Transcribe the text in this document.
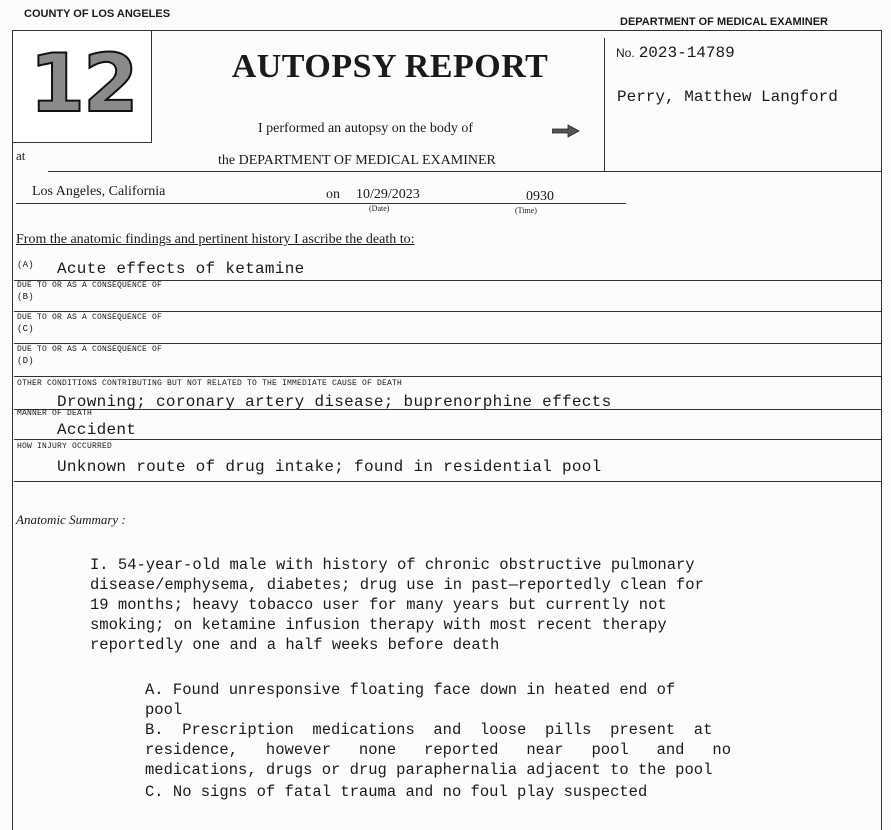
COUNTY OF LOS ANGELES
DEPARTMENT OF MEDICAL EXAMINER
No. 2023-14789
Perry, Matthew Langford
12	AUTOPSY REPORT
I performed an autopsy on the body of
at	the DEPARTMENT OF MEDICAL EXAMINER
Los Angeles, California	on 10/29/2023	0930
(Date)	(Time)
From the anatomic findings and pertinent history I ascribe the death to:
(A) Acute effects of ketamine
DUE TO OR AS A CONSEQUENCE OF
(B)
DUE TO OR AS A CONSEQUENCE OF
(C)
DUE TO OR AS A CONSEQUENCE OF
(D)
OTHER CONDITIONS CONTRIBUTING BUT NOT RELATED TO THE IMMEDIATE CAUSE OF DEATH
Drowning; coronary artery disease; buprenorphine effects
MANNER OF DEATH
Accident
HOW INJURY OCCURRED
Unknown route of drug intake; found in residential pool
Anatomic Summary :
I. 54-year-old male with history of chronic obstructive pulmonary
disease/emphysema, diabetes; drug use in past—reportedly clean for
19 months; heavy tobacco user for many years but currently not
smoking; on ketamine infusion therapy with most recent therapy
reportedly one and a half weeks before death
A. Found unresponsive floating face down in heated end of
pool
B.  Prescription  medications  and  loose  pills  present  at
residence,   however   none   reported   near   pool   and   no
medications, drugs or drug paraphernalia adjacent to the pool
C. No signs of fatal trauma and no foul play suspected
